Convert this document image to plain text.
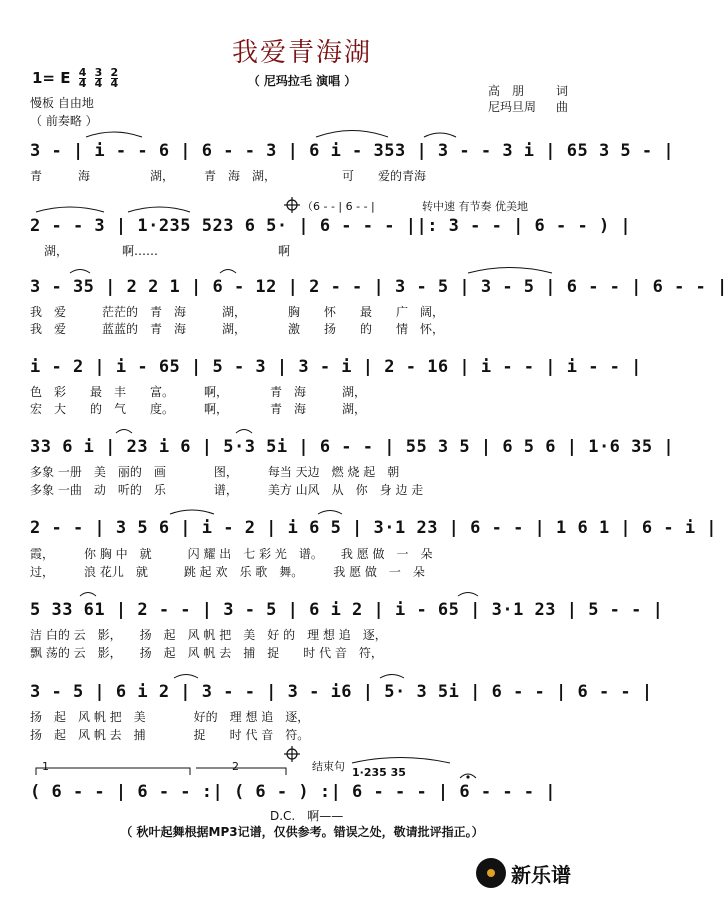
我爱青海湖
（ 尼玛拉毛 演唱 ）
1= E $\frac{4}{4}$
$\frac{3}{4}$
$\frac{2}{4}$
慢板 自由地
（ 前奏略 ）
高　朋	词
尼玛旦周 曲
3 - | i - - 6 | 6 - - 3 | 6 i - 353 | 3 - - 3 i | 65 3 5 - |
青　　　海　　　　　湖，　　　青　海　湖，　　　　　　可　　爱的青海
（6 - - | 6 - - |	转中速 有节奏 优美地
2 - - 3 | 1·235 523 6 5· | 6 - - - ||: 3 - - | 6 - - ) |
湖，　　　　　啊……　　　　　　　　　　啊
3 - 35 | 2 2 1 | 6 - 12 | 2 - - | 3 - 5 | 3 - 5 | 6 - - | 6 - - |
我　爱　　　茫茫的　青　海　　　湖，　　　　胸　　怀　　最　　广　阔，
我　爱　　　蓝蓝的　青　海　　　湖，　　　　激　　扬　　的　　情　怀，
i - 2 | i - 65 | 5 - 3 | 3 - i | 2 - 16 | i - - | i - - |
色　彩　　最　丰　　富。　　　啊，　　　　青　海　　　湖，
宏　大　　的　气　　度。　　　啊，　　　　青　海　　　湖，
33 6 i | 23 i 6 | 5·3 5i | 6 - - | 55 3 5 | 6 5 6 | 1·6 35 |
多象 一册　美　丽的　画　　　　图，　　　每当 天边　燃 烧 起　朝
多象 一曲　动　听的　乐　　　　谱，　　　美方 山风　从　你　身 边 走
2 - - | 3 5 6 | i - 2 | i 6 5 | 3·1 23 | 6 - - | 1 6 1 | 6 - i |
霞，　　　你 胸 中　就　　　闪 耀 出　七 彩 光　谱。　　我 愿 做　一　朵
过，　　　浪 花儿　就　　　跳 起 欢　乐 歌　舞。　　　我 愿 做　一　朵
5 33 61 | 2 - - | 3 - 5 | 6 i 2 | i - 65 | 3·1 23 | 5 - - |
洁 白的 云　影，　　扬　起　风 帆 把　美　好 的　理 想 追　逐，
飘 荡的 云　影，　　扬　起　风 帆 去　捕　捉　　时 代 音　符，
3 - 5 | 6 i 2 | 3 - - | 3 - i6 | 5· 3 5i | 6 - - | 6 - - |
扬　起　风 帆 把　美　　　　好的　理 想 追　逐，
扬　起　风 帆 去　捕　　　　捉　　时 代 音　符。
1	2	结束句 1·235 35
( 6 - - | 6 - - :| ( 6 - ) :| 6 - - - | 6 - - - |
D.C.　啊——
（ 秋叶起舞根据MP3记谱，仅供参考。错误之处，敬请批评指正。）
新乐谱
